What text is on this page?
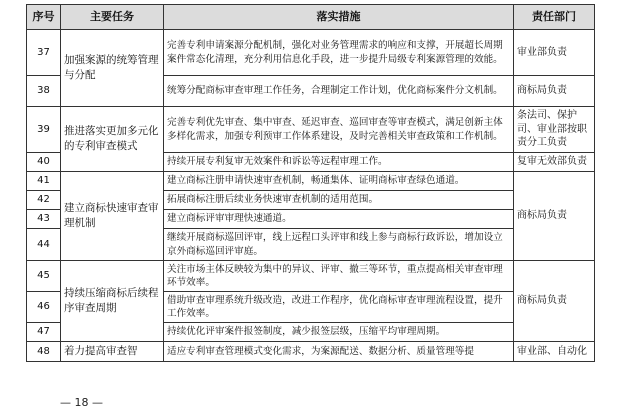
序号	主要任务	落实措施	责任部门
37	加强案源的统筹管理与分配	完善专利申请案源分配机制，强化对业务管理需求的响应和支撑，开展超长周期案件常态化清理，充分利用信息化手段，进一步提升局级专利案源管理的效能。	审业部负责
38		统筹分配商标审查审理工作任务，合理制定工作计划，优化商标案件分文机制。	商标局负责
39	推进落实更加多元化的专利审查模式	完善专利优先审查、集中审查、延迟审查、巡回审查等审查模式，满足创新主体多样化需求，加强专利预审工作体系建设，及时完善相关审查政策和工作机制。	条法司、保护司、审业部按职责分工负责
40		持续开展专利复审无效案件和诉讼等远程审理工作。	复审无效部负责
41	建立商标快速审查审理机制	建立商标注册申请快速审查机制，畅通集体、证明商标审查绿色通道。	商标局负责
42		拓展商标注册后续业务快速审查机制的适用范围。	
43		建立商标评审审理快速通道。	
44		继续开展商标巡回评审，线上远程口头评审和线上参与商标行政诉讼，增加设立京外商标巡回评审庭。	
45	持续压缩商标后续程序审查周期	关注市场主体反映较为集中的异议、评审、撤三等环节，重点提高相关审查审理环节效率。	商标局负责
46		借助审查审理系统升级改造，改进工作程序，优化商标审查审理流程设置，提升工作效率。	
47		持续优化评审案件报签制度，减少报签层级，压缩平均审理周期。	
48	着力提高审查智	适应专利审查管理模式变化需求，为案源配送、数据分析、质量管理等提	审业部、自动化
— 18 —
